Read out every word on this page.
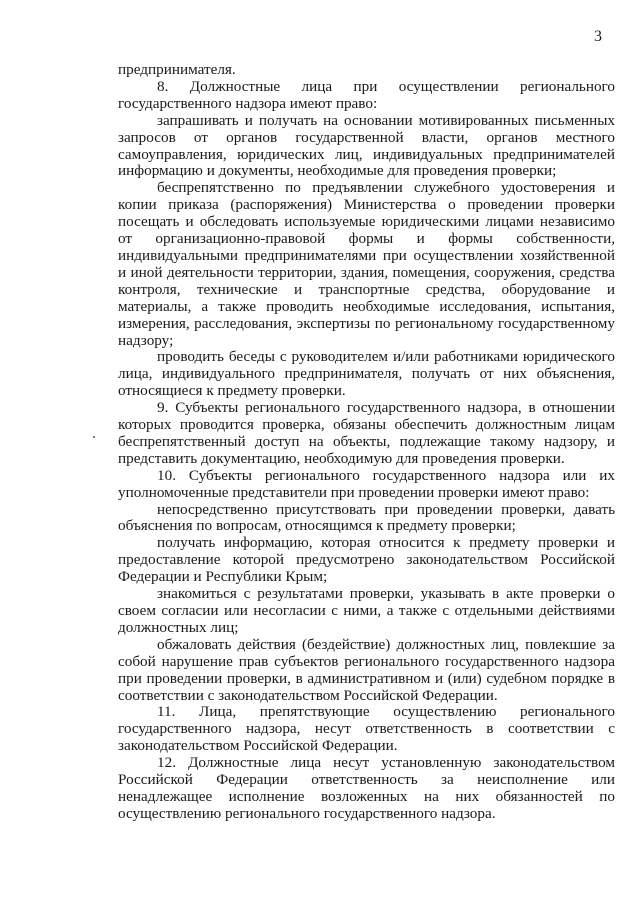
3

предпринимателя.

8. Должностные лица при осуществлении регионального государственного надзора имеют право:

запрашивать и получать на основании мотивированных письменных запросов от органов государственной власти, органов местного самоуправления, юридических лиц, индивидуальных предпринимателей информацию и документы, необходимые для проведения проверки;

беспрепятственно по предъявлении служебного удостоверения и копии приказа (распоряжения) Министерства о проведении проверки посещать и обследовать используемые юридическими лицами независимо от организационно-правовой формы и формы собственности, индивидуальными предпринимателями при осуществлении хозяйственной и иной деятельности территории, здания, помещения, сооружения, средства контроля, технические и транспортные средства, оборудование и материалы, а также проводить необходимые исследования, испытания, измерения, расследования, экспертизы по региональному государственному надзору;

проводить беседы с руководителем и/или работниками юридического лица, индивидуального предпринимателя, получать от них объяснения, относящиеся к предмету проверки.

9. Субъекты регионального государственного надзора, в отношении которых проводится проверка, обязаны обеспечить должностным лицам беспрепятственный доступ на объекты, подлежащие такому надзору, и представить документацию, необходимую для проведения проверки.

10. Субъекты регионального государственного надзора или их уполномоченные представители при проведении проверки имеют право:

непосредственно присутствовать при проведении проверки, давать объяснения по вопросам, относящимся к предмету проверки;

получать информацию, которая относится к предмету проверки и предоставление которой предусмотрено законодательством Российской Федерации и Республики Крым;

знакомиться с результатами проверки, указывать в акте проверки о своем согласии или несогласии с ними, а также с отдельными действиями должностных лиц;

обжаловать действия (бездействие) должностных лиц, повлекшие за собой нарушение прав субъектов регионального государственного надзора при проведении проверки, в административном и (или) судебном порядке в соответствии с законодательством Российской Федерации.

11. Лица, препятствующие осуществлению регионального государственного надзора, несут ответственность в соответствии с законодательством Российской Федерации.

12. Должностные лица несут установленную законодательством Российской Федерации ответственность за неисполнение или ненадлежащее исполнение возложенных на них обязанностей по осуществлению регионального государственного надзора.
